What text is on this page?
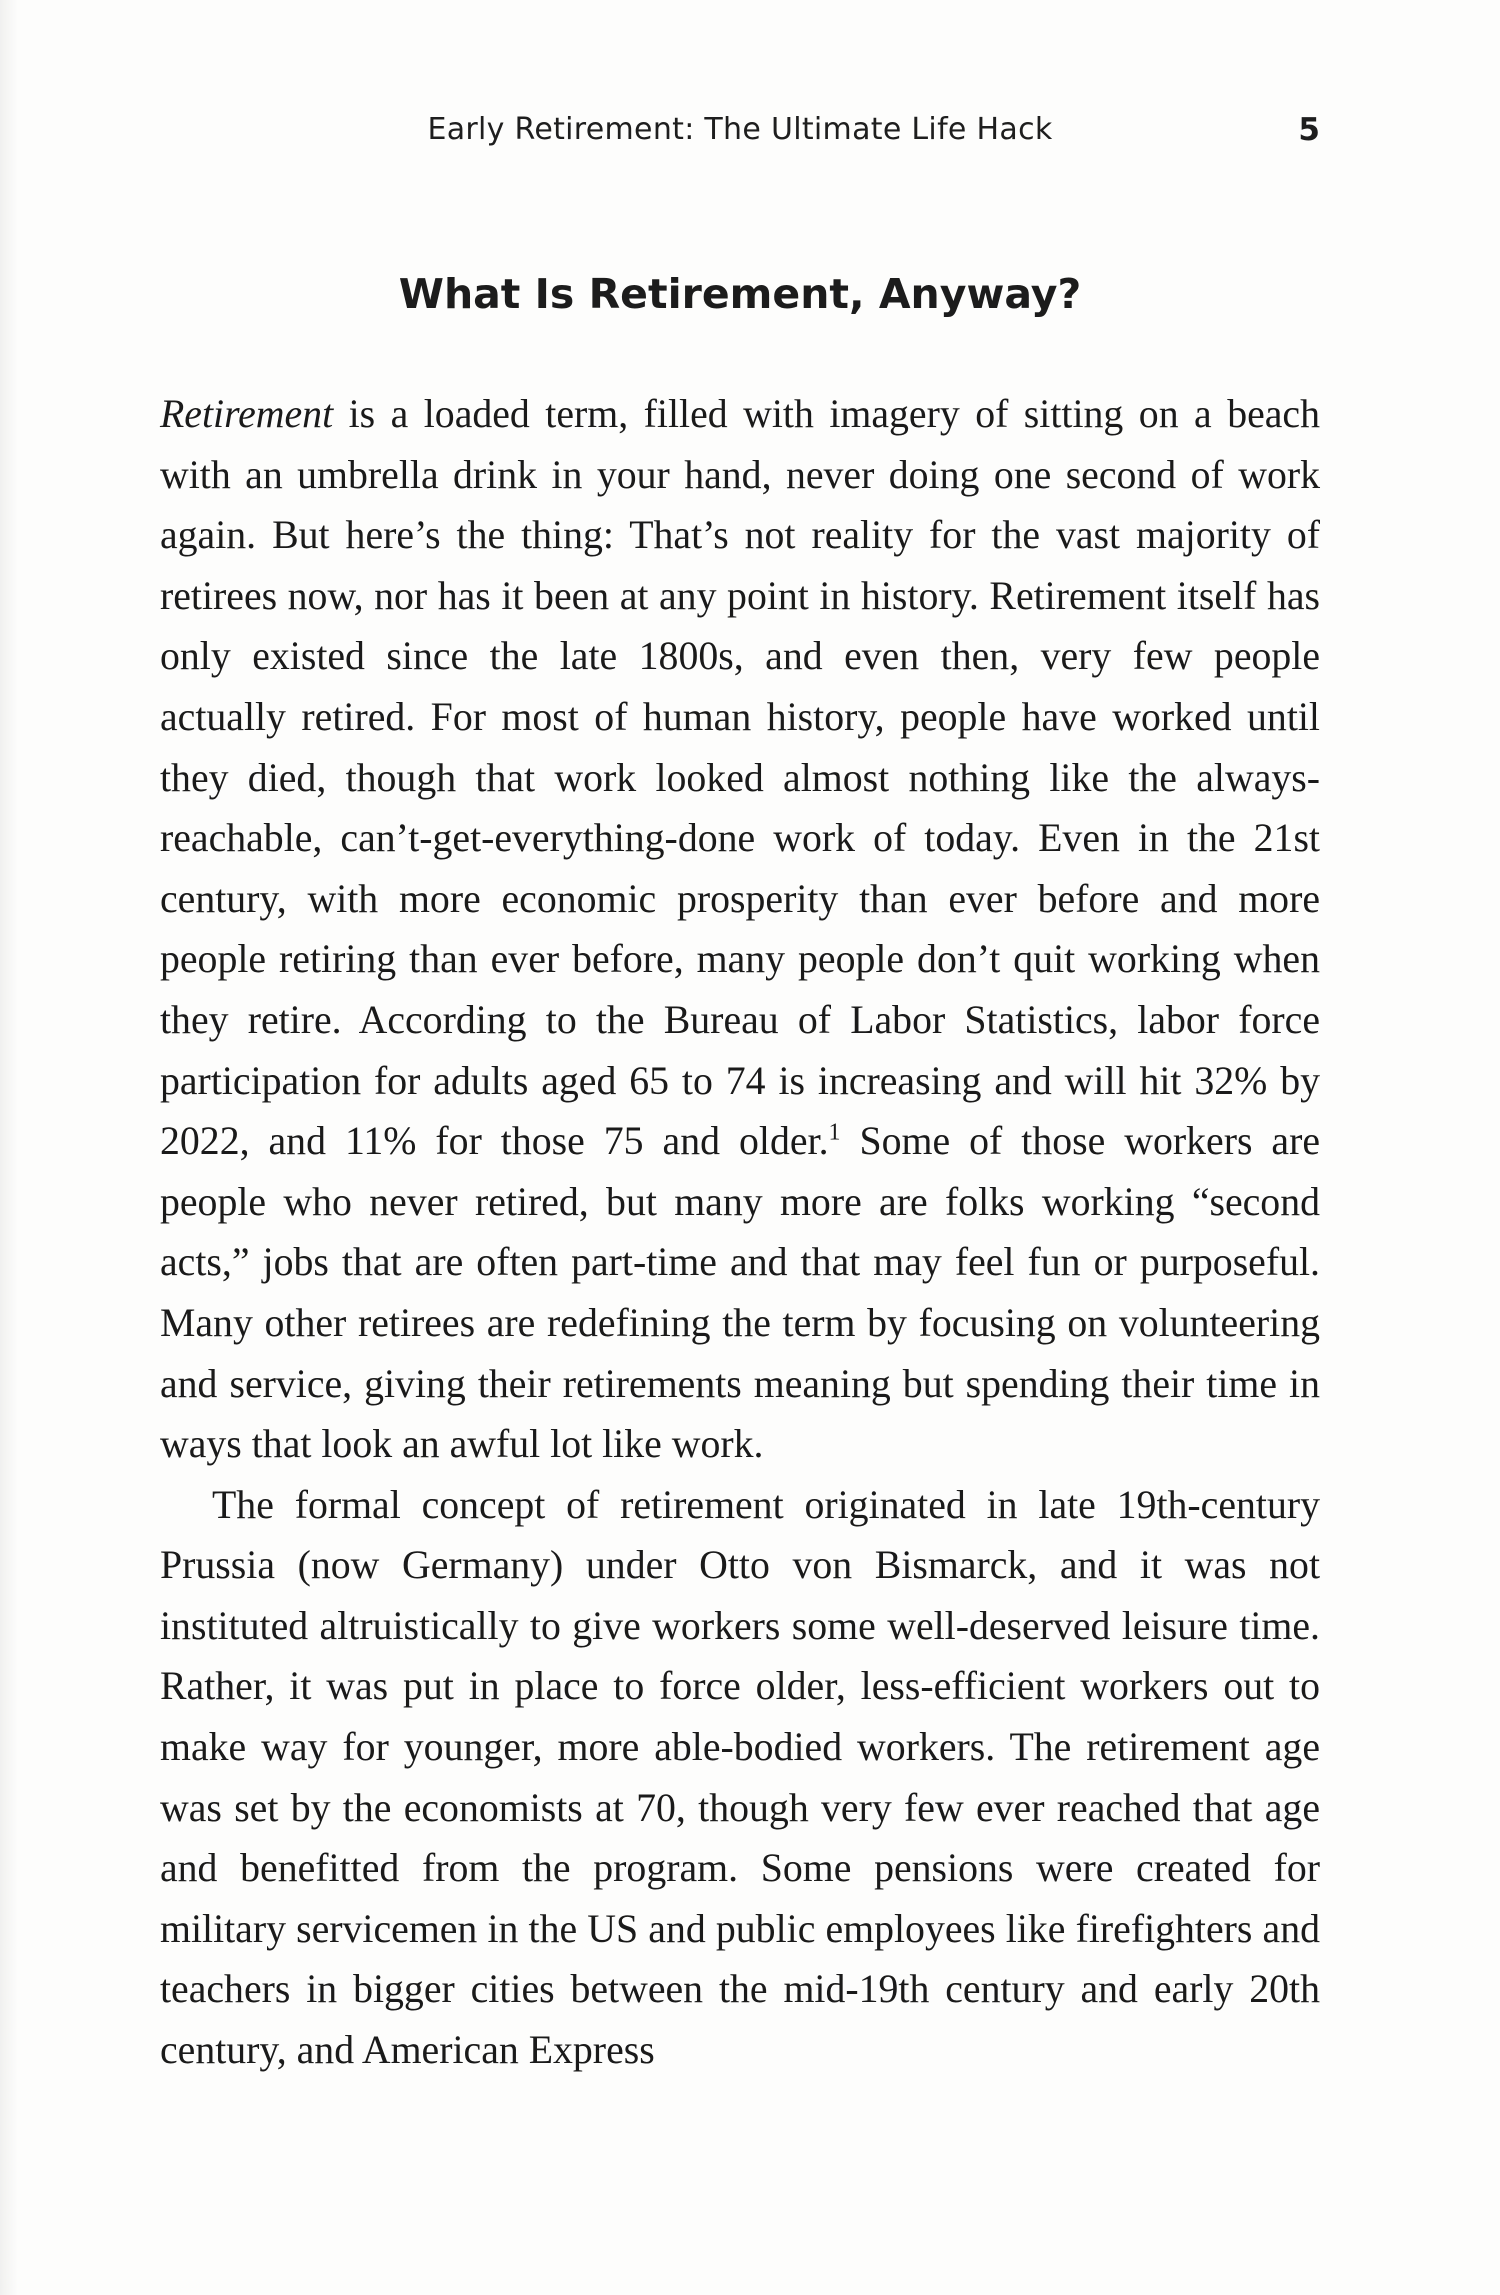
Early Retirement: The Ultimate Life Hack	5
What Is Retirement, Anyway?

Retirement is a loaded term, filled with imagery of sitting on a beach with an umbrella drink in your hand, never doing one second of work again. But here’s the thing: That’s not reality for the vast majority of retirees now, nor has it been at any point in history. Retirement itself has only existed since the late 1800s, and even then, very few people actually retired. For most of human history, people have worked until they died, though that work looked almost nothing like the always-reachable, can’t-get-everything-done work of today. Even in the 21st century, with more economic prosperity than ever before and more people retiring than ever before, many people don’t quit working when they retire. According to the Bureau of Labor Statistics, labor force participation for adults aged 65 to 74 is increasing and will hit 32% by 2022, and 11% for those 75 and older.$^1$ Some of those workers are people who never retired, but many more are folks working “second acts,” jobs that are often part-time and that may feel fun or purposeful. Many other retirees are redefining the term by focusing on volunteering and service, giving their retirements meaning but spending their time in ways that look an awful lot like work.

The formal concept of retirement originated in late 19th-century Prussia (now Germany) under Otto von Bismarck, and it was not instituted altruistically to give workers some well-deserved leisure time. Rather, it was put in place to force older, less-efficient workers out to make way for younger, more able-bodied workers. The retirement age was set by the economists at 70, though very few ever reached that age and benefitted from the program. Some pensions were created for military servicemen in the US and public employees like firefighters and teachers in bigger cities between the mid-19th century and early 20th century, and American Express
